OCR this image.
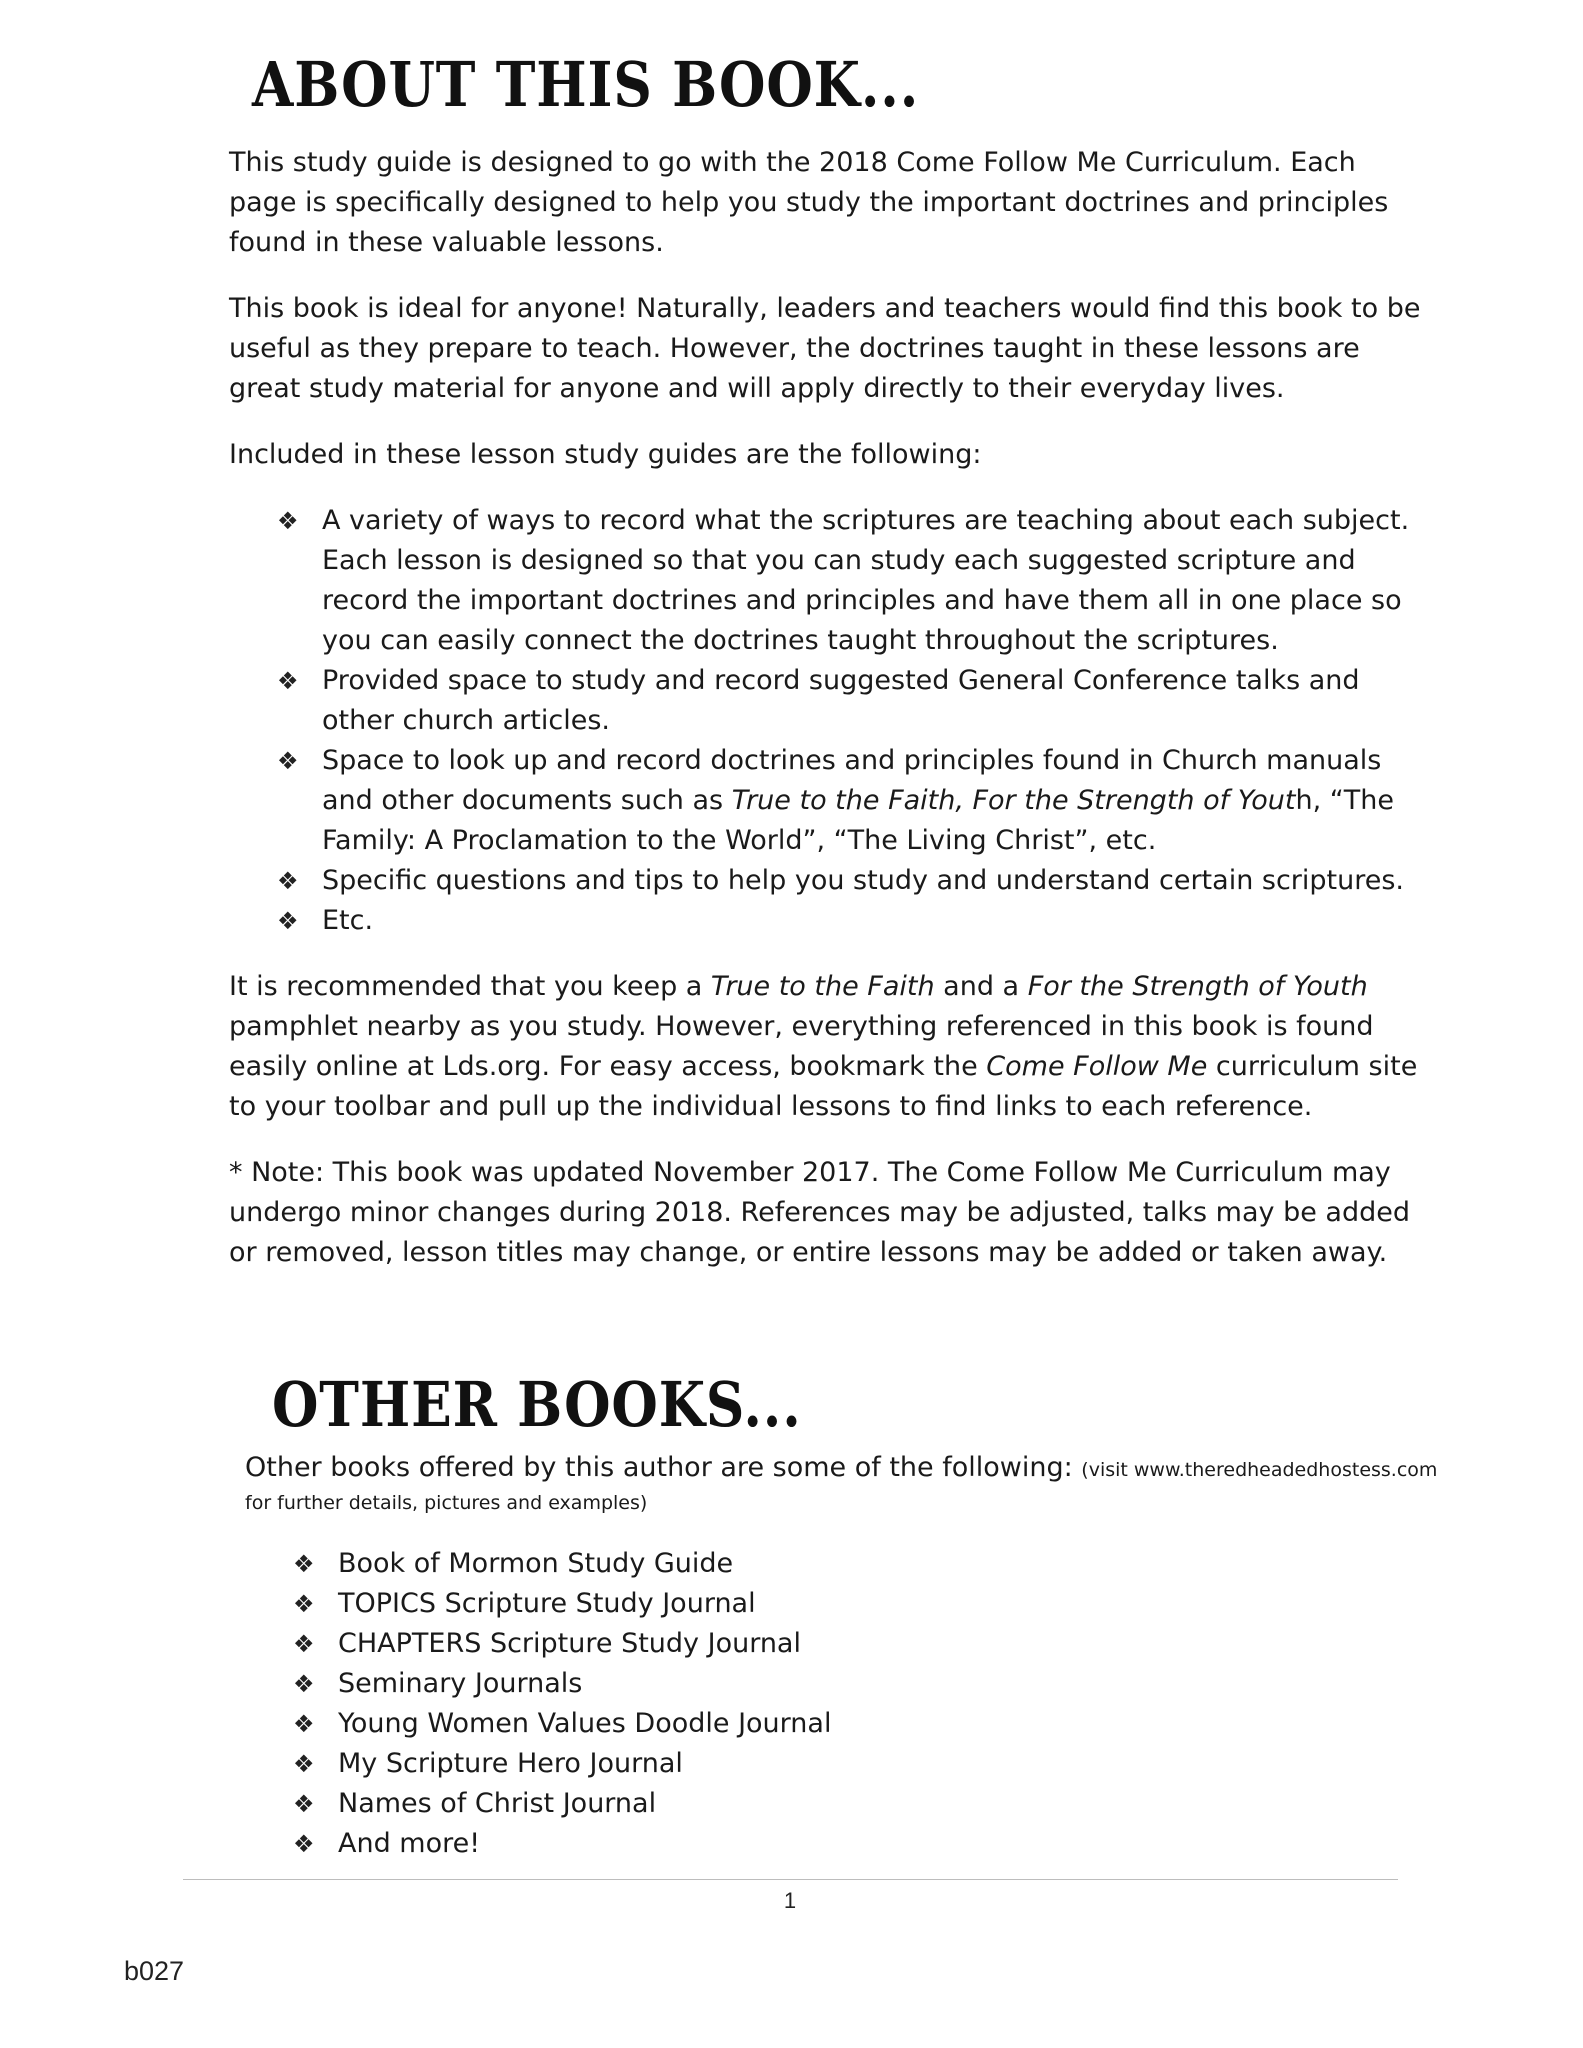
ABOUT THIS BOOK...

This study guide is designed to go with the 2018 Come Follow Me Curriculum. Each page is specifically designed to help you study the important doctrines and principles found in these valuable lessons.

This book is ideal for anyone! Naturally, leaders and teachers would find this book to be useful as they prepare to teach. However, the doctrines taught in these lessons are great study material for anyone and will apply directly to their everyday lives.

Included in these lesson study guides are the following:

❖ A variety of ways to record what the scriptures are teaching about each subject. Each lesson is designed so that you can study each suggested scripture and record the important doctrines and principles and have them all in one place so you can easily connect the doctrines taught throughout the scriptures.
❖ Provided space to study and record suggested General Conference talks and other church articles.
❖ Space to look up and record doctrines and principles found in Church manuals and other documents such as True to the Faith, For the Strength of Youth, “The Family: A Proclamation to the World”, “The Living Christ”, etc.
❖ Specific questions and tips to help you study and understand certain scriptures.
❖ Etc.

It is recommended that you keep a True to the Faith and a For the Strength of Youth pamphlet nearby as you study. However, everything referenced in this book is found easily online at Lds.org. For easy access, bookmark the Come Follow Me curriculum site to your toolbar and pull up the individual lessons to find links to each reference.

* Note: This book was updated November 2017. The Come Follow Me Curriculum may undergo minor changes during 2018. References may be adjusted, talks may be added or removed, lesson titles may change, or entire lessons may be added or taken away.

OTHER BOOKS...
Other books offered by this author are some of the following: (visit www.theredheadedhostess.com
for further details, pictures and examples)
❖ Book of Mormon Study Guide
❖ TOPICS Scripture Study Journal
❖ CHAPTERS Scripture Study Journal
❖ Seminary Journals
❖ Young Women Values Doodle Journal
❖ My Scripture Hero Journal
❖ Names of Christ Journal
❖ And more!
1
b027
